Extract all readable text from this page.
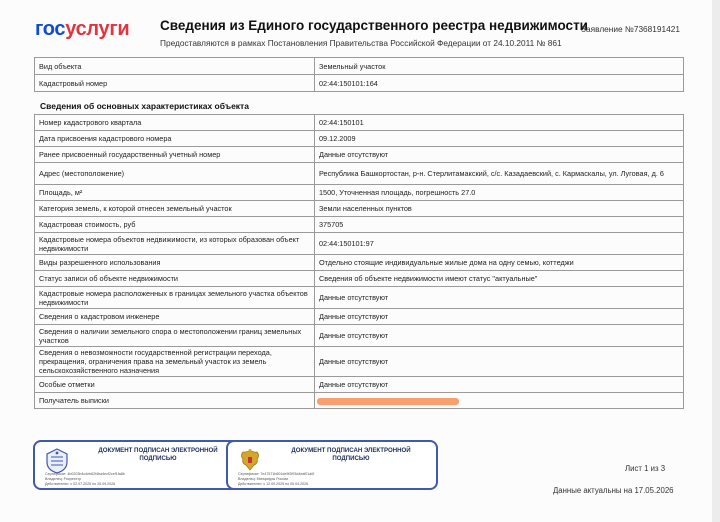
госуслуги Сведения из Единого государственного реестра недвижимости
Предоставляются в рамках Постановления Правительства Российской Федерации от 24.10.2011 № 861
Заявление №7368191421
Вид объекта	Земельный участок
Кадастровый номер	02:44:150101:164
Сведения об основных характеристиках объекта
Номер кадастрового квартала	02:44:150101
Дата присвоения кадастрового номера	09.12.2009
Ранее присвоенный государственный учетный номер	Данные отсутствуют
Адрес (местоположение)	Республика Башкортостан, р-н. Стерлитамакский, с/с. Казадаевский, с. Кармаскалы, ул. Луговая, д. 6
Площадь, м²	1500, Уточненная площадь, погрешность 27.0
Категория земель, к которой отнесен земельный участок	Земли населенных пунктов
Кадастровая стоимость, руб	375705
Кадастровые номера объектов недвижимости, из которых образован объект недвижимости	02:44:150101:97
Виды разрешенного использования	Отдельно стоящие индивидуальные жилые дома на одну семью, коттеджи
Статус записи об объекте недвижимости	Сведения об объекте недвижимости имеют статус "актуальные"
Кадастровые номера расположенных в границах земельного участка объектов недвижимости	Данные отсутствуют
Сведения о кадастровом инженере	Данные отсутствуют
Сведения о наличии земельного спора о местоположении границ земельных участков	Данные отсутствуют
Сведения о невозможности государственной регистрации перехода, прекращения, ограничения права на земельный участок из земель сельскохозяйственного назначения	Данные отсутствуют
Особые отметки	Данные отсутствуют
Получатель выписки	
ДОКУМЕНТ ПОДПИСАН ЭЛЕКТРОННОЙ ПОДПИСЬЮ
Сертификат: 4b0203b4c4eb62f4ba4ecf2cef1fa8b
Владелец: Росреестр
Действителен: с 02.07.2025 по 25.09.2026
ДОКУМЕНТ ПОДПИСАН ЭЛЕКТРОННОЙ ПОДПИСЬЮ
Сертификат: 7e47571b601de9f2f93d4eaf01a0f
Владелец: Минцифры России
Действителен: с 12.09.2025 по 05.04.2026
Лист 1 из 3
Данные актуальны на 17.05.2026
